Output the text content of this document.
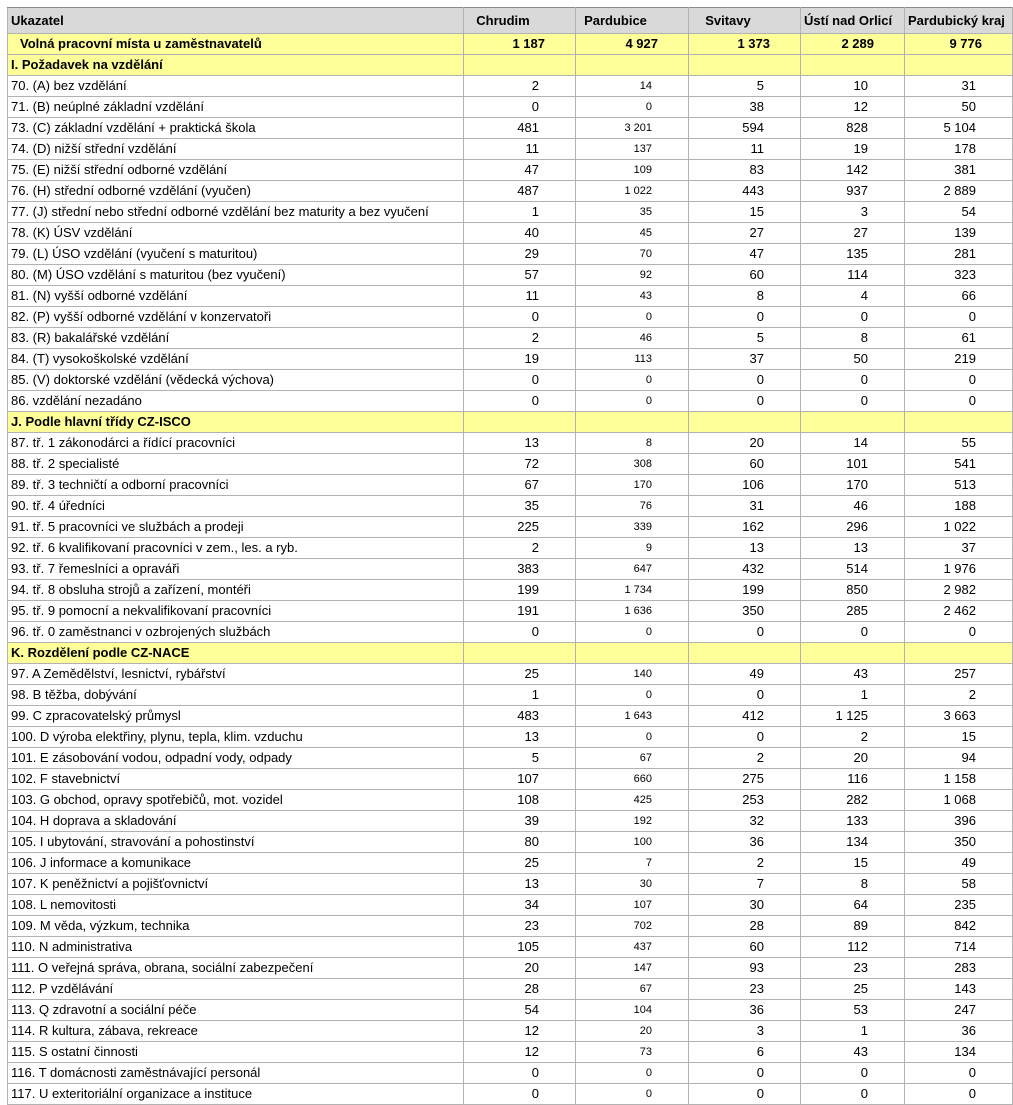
Ukazatel	Chrudim	Pardubice	Svitavy	Ústí nad Orlicí	Pardubický kraj
Volná pracovní místa u zaměstnavatelů	1 187	4 927	1 373	2 289	9 776
I. Požadavek na vzdělání					
70. (A) bez vzdělání	2	14	5	10	31
71. (B) neúplné základní vzdělání	0	0	38	12	50
73. (C) základní vzdělání + praktická škola	481	3 201	594	828	5 104
74. (D) nižší střední vzdělání	11	137	11	19	178
75. (E) nižší střední odborné vzdělání	47	109	83	142	381
76. (H) střední odborné vzdělání (vyučen)	487	1 022	443	937	2 889
77. (J) střední nebo střední odborné vzdělání bez maturity a bez vyučení	1	35	15	3	54
78. (K) ÚSV vzdělání	40	45	27	27	139
79. (L) ÚSO vzdělání (vyučení s maturitou)	29	70	47	135	281
80. (M) ÚSO vzdělání s maturitou (bez vyučení)	57	92	60	114	323
81. (N) vyšší odborné vzdělání	11	43	8	4	66
82. (P) vyšší odborné vzdělání v konzervatoři	0	0	0	0	0
83. (R) bakalářské vzdělání	2	46	5	8	61
84. (T) vysokoškolské vzdělání	19	113	37	50	219
85. (V) doktorské vzdělání (vědecká výchova)	0	0	0	0	0
86. vzdělání nezadáno	0	0	0	0	0
J. Podle hlavní třídy CZ-ISCO					
87. tř. 1 zákonodárci a řídící pracovníci	13	8	20	14	55
88. tř. 2 specialisté	72	308	60	101	541
89. tř. 3 techničtí a odborní pracovníci	67	170	106	170	513
90. tř. 4 úředníci	35	76	31	46	188
91. tř. 5 pracovníci ve službách a prodeji	225	339	162	296	1 022
92. tř. 6 kvalifikovaní pracovníci v zem., les. a ryb.	2	9	13	13	37
93. tř. 7 řemeslníci a opraváři	383	647	432	514	1 976
94. tř. 8 obsluha strojů a zařízení, montéři	199	1 734	199	850	2 982
95. tř. 9 pomocní a nekvalifikovaní pracovníci	191	1 636	350	285	2 462
96. tř. 0 zaměstnanci v ozbrojených službách	0	0	0	0	0
K. Rozdělení podle CZ-NACE					
97. A Zemědělství, lesnictví, rybářství	25	140	49	43	257
98. B těžba, dobývání	1	0	0	1	2
99. C zpracovatelský průmysl	483	1 643	412	1 125	3 663
100. D výroba elektřiny, plynu, tepla, klim. vzduchu	13	0	0	2	15
101. E zásobování vodou, odpadní vody, odpady	5	67	2	20	94
102. F stavebnictví	107	660	275	116	1 158
103. G obchod, opravy spotřebičů, mot. vozidel	108	425	253	282	1 068
104. H doprava a skladování	39	192	32	133	396
105. I ubytování, stravování a pohostinství	80	100	36	134	350
106. J informace a komunikace	25	7	2	15	49
107. K peněžnictví a pojišťovnictví	13	30	7	8	58
108. L nemovitosti	34	107	30	64	235
109. M věda, výzkum, technika	23	702	28	89	842
110. N administrativa	105	437	60	112	714
111. O veřejná správa, obrana, sociální zabezpečení	20	147	93	23	283
112. P vzdělávání	28	67	23	25	143
113. Q zdravotní a sociální péče	54	104	36	53	247
114. R kultura, zábava, rekreace	12	20	3	1	36
115. S ostatní činnosti	12	73	6	43	134
116. T domácnosti zaměstnávající personál	0	0	0	0	0
117. U exteritoriální organizace a instituce	0	0	0	0	0
